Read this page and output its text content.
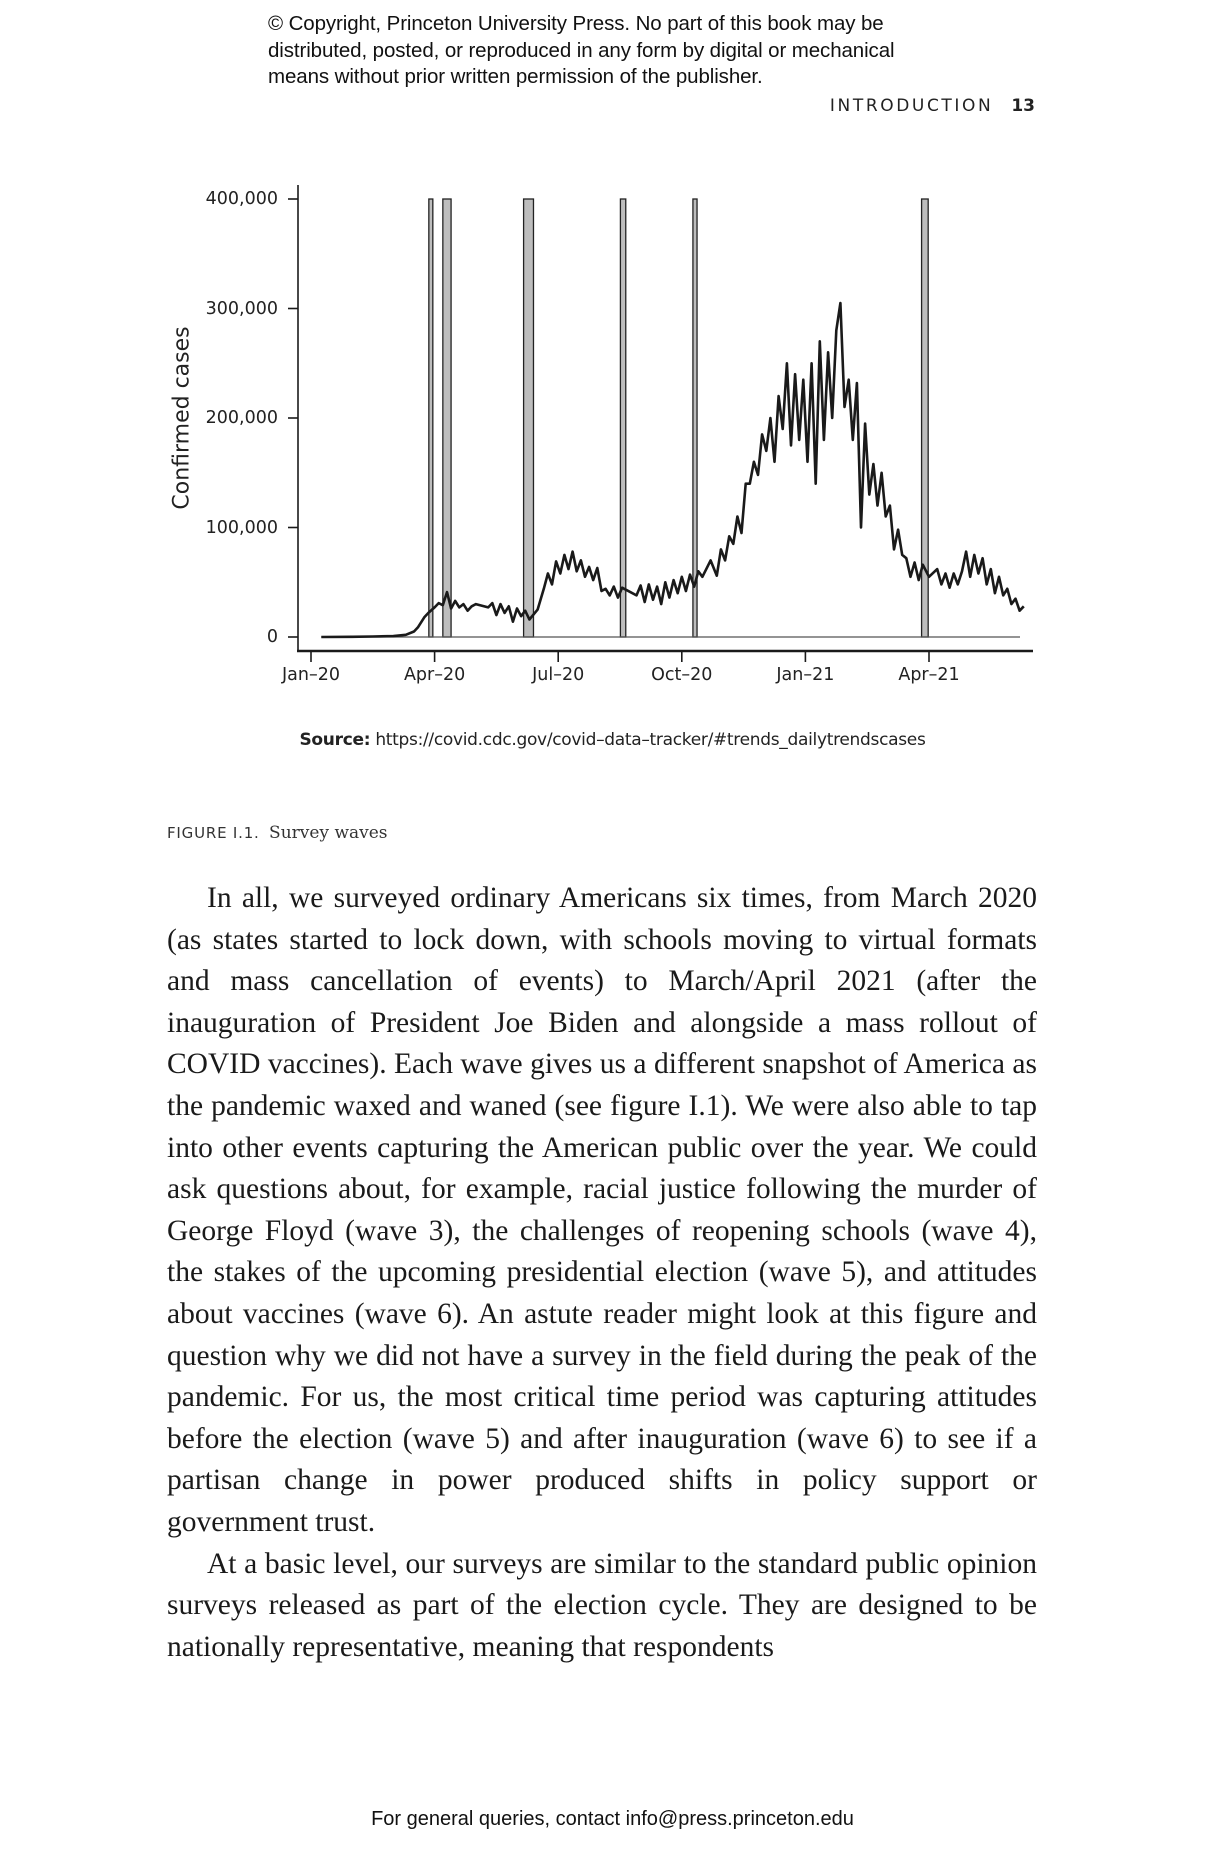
© Copyright, Princeton University Press. No part of this book may be
distributed, posted, or reproduced in any form by digital or mechanical
means without prior written permission of the publisher.
INTRODUCTION 13
0
100,000
200,000
300,000
400,000
Jan–20	Apr–20	Jul–20	Oct–20	Jan–21	Apr–21
Confirmed cases
Source: https://covid.cdc.gov/covid–data–tracker/#trends_dailytrendscases
FIGURE I.1. Survey waves

In all, we surveyed ordinary Americans six times, from March 2020 (as states started to lock down, with schools moving to virtual formats and mass cancellation of events) to March/April 2021 (after the inauguration of President Joe Biden and alongside a mass rollout of COVID vaccines). Each wave gives us a different snapshot of America as the pandemic waxed and waned (see figure I.1). We were also able to tap into other events capturing the American public over the year. We could ask questions about, for example, racial justice following the murder of George Floyd (wave 3), the challenges of reopening schools (wave 4), the stakes of the upcoming presidential election (wave 5), and attitudes about vaccines (wave 6). An astute reader might look at this figure and question why we did not have a survey in the field during the peak of the pandemic. For us, the most critical time period was capturing attitudes before the election (wave 5) and after inauguration (wave 6) to see if a partisan change in power produced shifts in policy support or government trust.

At a basic level, our surveys are similar to the standard public opinion surveys released as part of the election cycle. They are designed to be nationally representative, meaning that respondents

For general queries, contact info@press.princeton.edu
